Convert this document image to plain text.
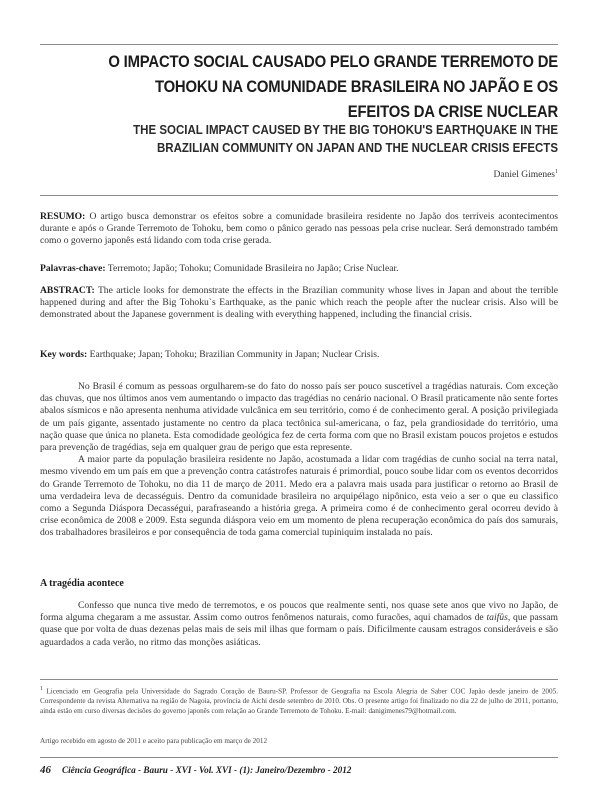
O IMPACTO SOCIAL CAUSADO PELO GRANDE TERREMOTO DE TOHOKU NA COMUNIDADE BRASILEIRA NO JAPÃO E OS EFEITOS DA CRISE NUCLEAR
THE SOCIAL IMPACT CAUSED BY THE BIG TOHOKU'S EARTHQUAKE IN THE BRAZILIAN COMMUNITY ON JAPAN AND THE NUCLEAR CRISIS EFECTS
Daniel Gimenes$^1$

RESUMO: O artigo busca demonstrar os efeitos sobre a comunidade brasileira residente no Japão dos terríveis acontecimentos durante e após o Grande Terremoto de Tohoku, bem como o pânico gerado nas pessoas pela crise nuclear. Será demonstrado também como o governo japonês está lidando com toda crise gerada.

Palavras-chave: Terremoto; Japão; Tohoku; Comunidade Brasileira no Japão; Crise Nuclear.

ABSTRACT: The article looks for demonstrate the effects in the Brazilian community whose lives in Japan and about the terrible happened during and after the Big Tohoku`s Earthquake, as the panic which reach the people after the nuclear crisis. Also will be demonstrated about the Japanese government is dealing with everything happened, including the financial crisis.

Key words: Earthquake; Japan; Tohoku; Brazilian Community in Japan; Nuclear Crisis.

No Brasil é comum as pessoas orgulharem-se do fato do nosso país ser pouco suscetível a tragédias naturais. Com exceção das chuvas, que nos últimos anos vem aumentando o impacto das tragédias no cenário nacional. O Brasil praticamente não sente fortes abalos sísmicos e não apresenta nenhuma atividade vulcânica em seu território, como é de conhecimento geral. A posição privilegiada de um país gigante, assentado justamente no centro da placa tectônica sul-americana, o faz, pela grandiosidade do território, uma nação quase que única no planeta. Esta comodidade geológica fez de certa forma com que no Brasil existam poucos projetos e estudos para prevenção de tragédias, seja em qualquer grau de perigo que esta represente.

A maior parte da população brasileira residente no Japão, acostumada a lidar com tragédias de cunho social na terra natal, mesmo vivendo em um país em que a prevenção contra catástrofes naturais é primordial, pouco soube lidar com os eventos decorridos do Grande Terremoto de Tohoku, no dia 11 de março de 2011. Medo era a palavra mais usada para justificar o retorno ao Brasil de uma verdadeira leva de decasséguis. Dentro da comunidade brasileira no arquipélago nipônico, esta veio a ser o que eu classifico como a Segunda Diáspora Decasségui, parafraseando a história grega. A primeira como é de conhecimento geral ocorreu devido à crise econômica de 2008 e 2009. Esta segunda diáspora veio em um momento de plena recuperação econômica do país dos samurais, dos trabalhadores brasileiros e por consequência de toda gama comercial tupiniquim instalada no país.

A tragédia acontece

Confesso que nunca tive medo de terremotos, e os poucos que realmente senti, nos quase sete anos que vivo no Japão, de forma alguma chegaram a me assustar. Assim como outros fenômenos naturais, como furacões, aqui chamados de taifûs, que passam quase que por volta de duas dezenas pelas mais de seis mil ilhas que formam o país. Dificilmente causam estragos consideráveis e são aguardados a cada verão, no ritmo das monções asiáticas.

$^1$ Licenciado em Geografia pela Universidade do Sagrado Coração de Bauru-SP. Professor de Geografia na Escola Alegria de Saber COC Japão desde janeiro de 2005. Correspondente da revista Alternativa na região de Nagoia, província de Aichi desde setembro de 2010. Obs. O presente artigo foi finalizado no dia 22 de julho de 2011, portanto, ainda estão em curso diversas decisões do governo japonês com relação ao Grande Terremoto de Tohoku. E-mail: danigimenes79@hotmail.com.

Artigo recebido em agosto de 2011 e aceito para publicação em março de 2012

46 Ciência Geográfica - Bauru - XVI - Vol. XVI - (1): Janeiro/Dezembro - 2012
